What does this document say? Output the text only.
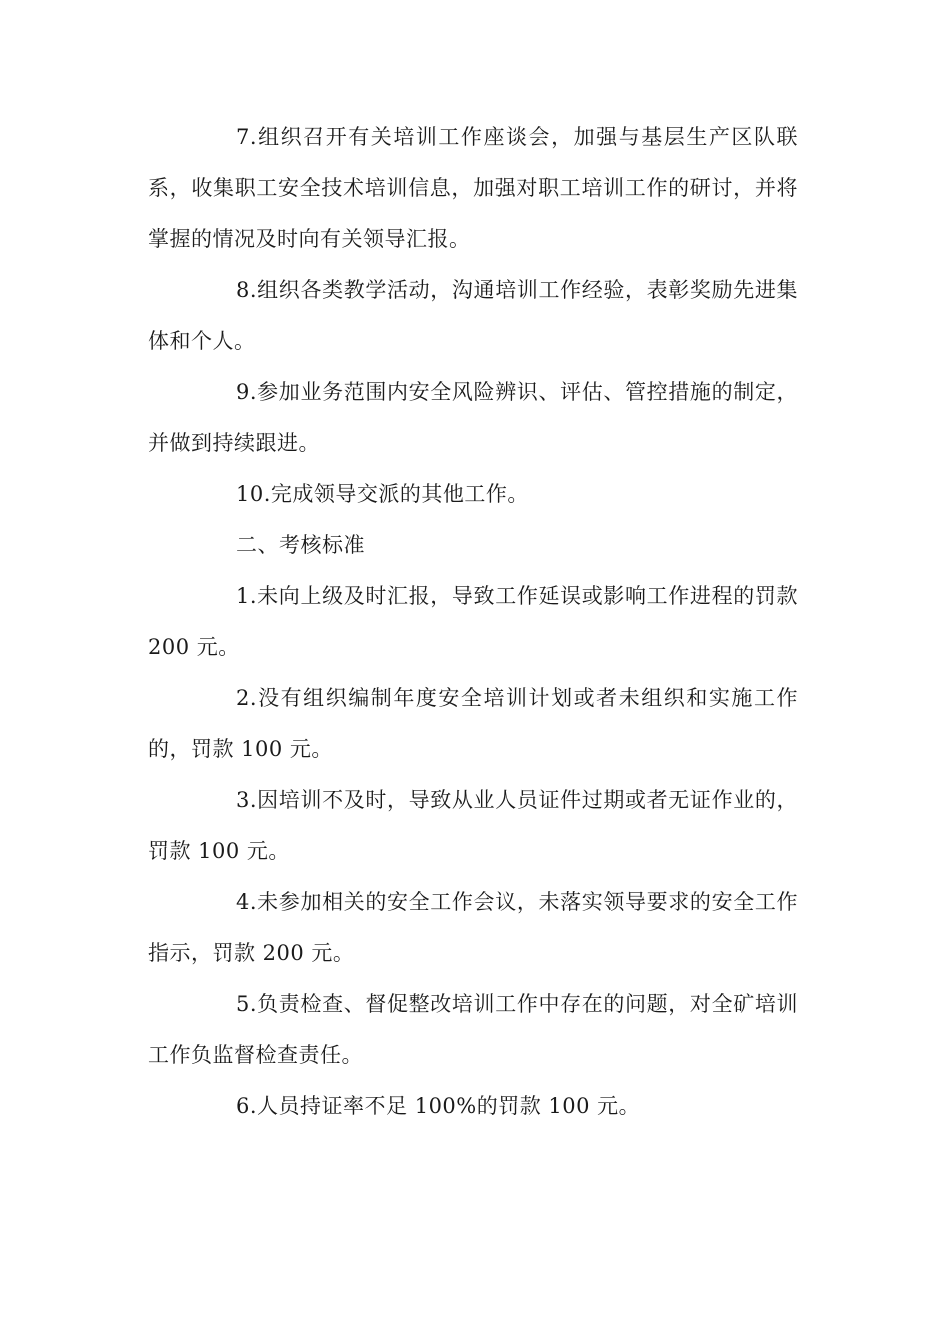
7.组织召开有关培训工作座谈会，加强与基层生产区队联系，收集职工安全技术培训信息，加强对职工培训工作的研讨，并将掌握的情况及时向有关领导汇报。

8.组织各类教学活动，沟通培训工作经验，表彰奖励先进集体和个人。

9.参加业务范围内安全风险辨识、评估、管控措施的制定，并做到持续跟进。

10.完成领导交派的其他工作。

二、考核标准

1.未向上级及时汇报，导致工作延误或影响工作进程的罚款 200 元。

2.没有组织编制年度安全培训计划或者未组织和实施工作的，罚款 100 元。

3.因培训不及时，导致从业人员证件过期或者无证作业的，罚款 100 元。

4.未参加相关的安全工作会议，未落实领导要求的安全工作指示，罚款 200 元。

5.负责检查、督促整改培训工作中存在的问题，对全矿培训工作负监督检查责任。

6.人员持证率不足 100%的罚款 100 元。
